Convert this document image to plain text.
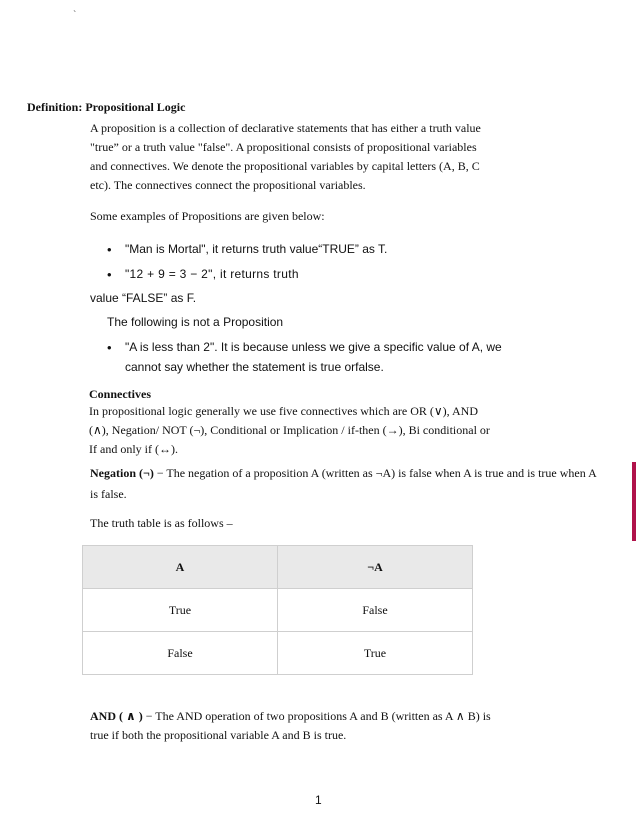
`
Definition: Propositional Logic
A proposition is a collection of declarative statements that has either a truth value
"true” or a truth value "false". A propositional consists of propositional variables
and connectives. We denote the propositional variables by capital letters (A, B, C
etc). The connectives connect the propositional variables.
Some examples of Propositions are given below:
• "Man is Mortal", it returns truth value“TRUE” as T.
• "12 + 9 = 3 − 2", it returns truth
value “FALSE” as F.
The following is not a Proposition
• "A is less than 2". It is because unless we give a specific value of A, we
cannot say whether the statement is true orfalse.
Connectives
In propositional logic generally we use five connectives which are OR (∨), AND
(∧), Negation/ NOT (¬), Conditional or Implication / if-then (→), Bi conditional or
If and only if (↔).
Negation (¬) − The negation of a proposition A (written as ¬A) is false when A is true and is true when A
is false.
The truth table is as follows –
A	¬A
True	False
False	True
AND ( ∧ ) − The AND operation of two propositions A and B (written as A ∧ B) is
true if both the propositional variable A and B is true.
1
